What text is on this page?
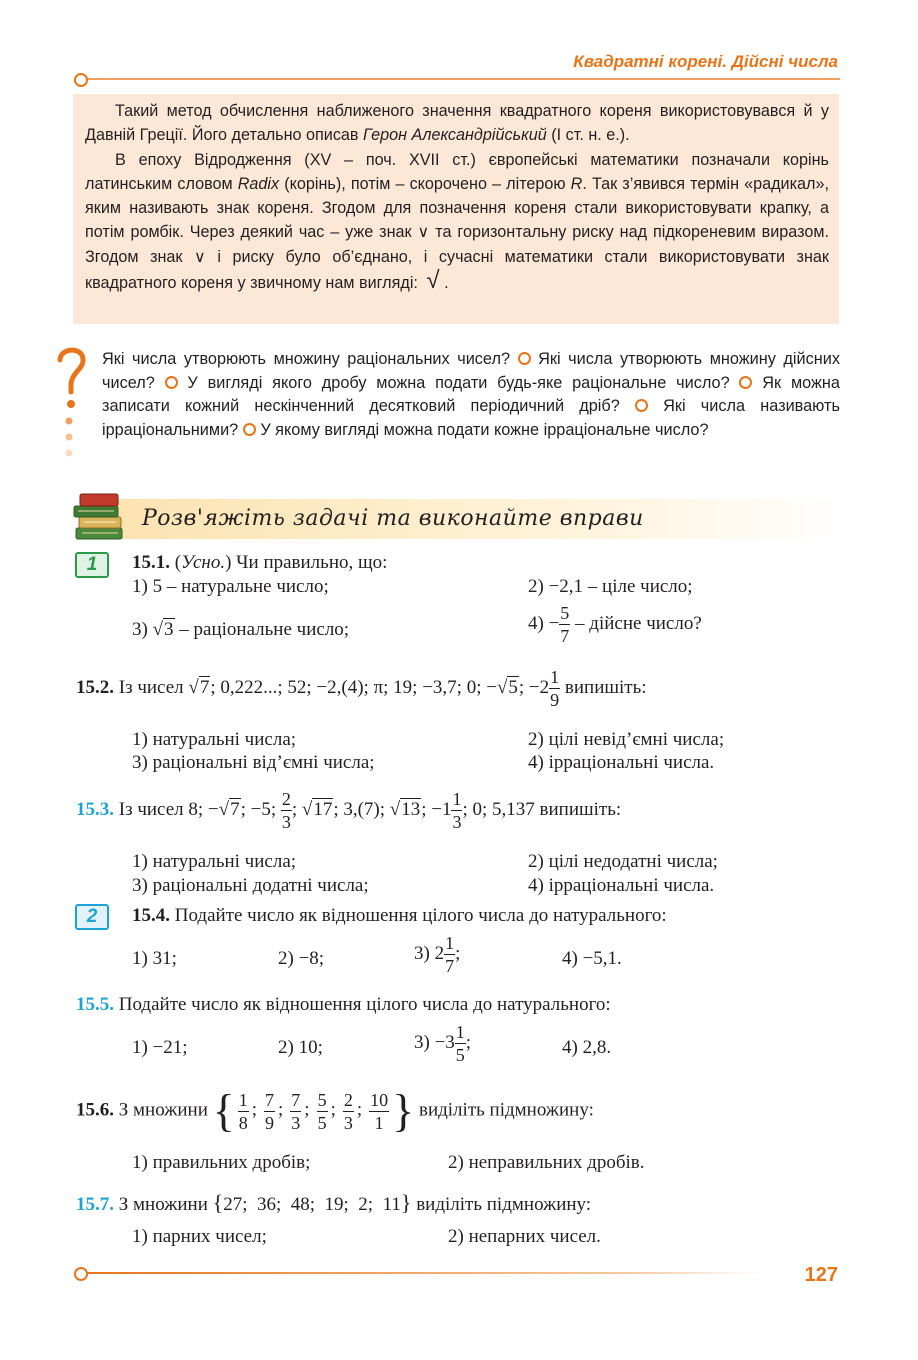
Квадратні корені. Дійсні числа

Такий метод обчислення наближеного значення квадратного кореня використовувався й у Давній Греції. Його детально описав Герон Александрійський (I ст. н. е.).

В епоху Відродження (XV – поч. XVII ст.) європейські математики позначали корінь латинським словом Radix (корінь), потім – скорочено – літерою R. Так з’явився термін «радикал», яким називають знак кореня. Згодом для позначення кореня стали використовувати крапку, а потім ромбік. Через деякий час – уже знак ∨ та горизонтальну риску над підкореневим виразом. Згодом знак ∨ і риску було об’єднано, і сучасні математики стали використовувати знак квадратного кореня у звичному нам вигляді: √ .

Які числа утворюють множину раціональних чисел? Які числа утворюють множину дійсних чисел? У вигляді якого дробу можна подати будь-яке раціональне число? Як можна записати кожний нескінченний десятковий періодичний дріб?	Які числа називають ірраціональними? У якому вигляді можна подати кожне ірраціональне число?
Розв'яжіть задачі та виконайте вправи
1	15.1. (Усно.) Чи правильно, що:
1) 5 – натуральне число;	2) −2,1 – ціле число;
3) √3 – раціональне число;	$4) - \frac{5}{7}$ – дійсне число?
15.2. Із чисел √7; 0,222...; 52; −2,(4); π; 19; −3,7; 0; −√5; $-2 \frac{1}{9}$ випишіть:
1) натуральні числа;	2) цілі невід’ємні числа;
3) раціональні від’ємні числа;	4) ірраціональні числа.
15.3. Із чисел 8; −√7; −5; $\frac{2}{3}$ ; √17; 3,(7); √13; $-1 \frac{1}{3}$ ; 0; 5,137 випишіть:
1) натуральні числа;	2) цілі недодатні числа;
3) раціональні додатні числа;	4) ірраціональні числа.
2	15.4. Подайте число як відношення цілого числа до натурального:
1) 31;	2) −8;	3) $2 \frac{1}{7}$ ;	4) −5,1.
15.5. Подайте число як відношення цілого числа до натурального:
1) −21;	2) 10;	$3) -3 \frac{1}{5}$ ;	4) 2,8.
15.6. З множини { $\frac{1}{8}$ ; $\frac{7}{9}$ ; $\frac{7}{3}$ ; $\frac{5}{5}$ ; $\frac{2}{3}$ ; $\frac{10}{1}$ } виділіть підмножину:
1) правильних дробів;	2) неправильних дробів.
15.7. З множини {27;  36;  48;  19;  2;  11} виділіть підмножину:
1) парних чисел;	2) непарних чисел.
127
